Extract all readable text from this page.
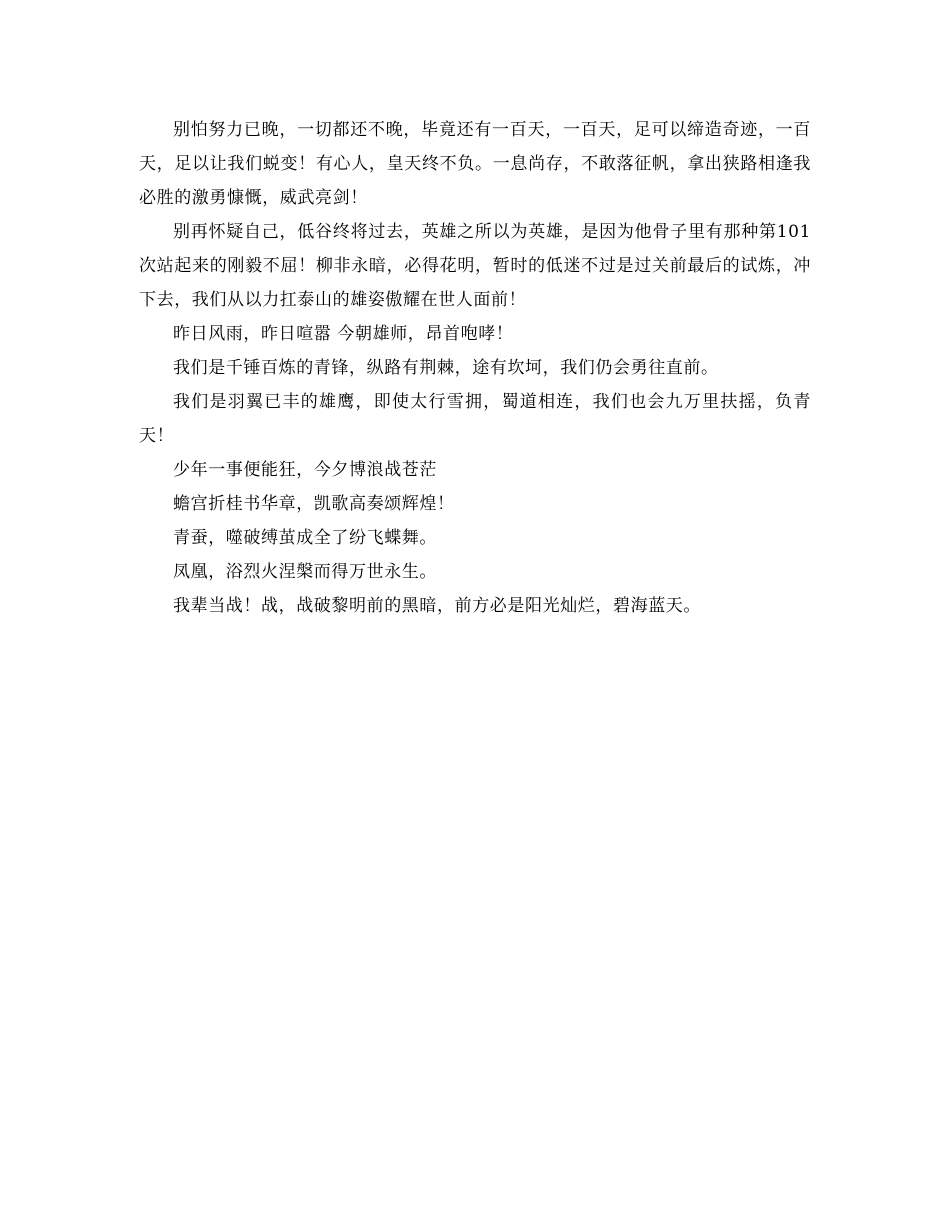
别怕努力已晚，一切都还不晚，毕竟还有一百天，一百天，足可以缔造奇迹，一百天，足以让我们蜕变！有心人，皇天终不负。一息尚存，不敢落征帆，拿出狭路相逢我必胜的激勇慷慨，威武亮剑！

别再怀疑自己，低谷终将过去，英雄之所以为英雄，是因为他骨子里有那种第101次站起来的刚毅不屈！柳非永暗，必得花明，暂时的低迷不过是过关前最后的试炼，冲下去，我们从以力扛泰山的雄姿傲耀在世人面前！

昨日风雨，昨日喧嚣 今朝雄师，昂首咆哮！

我们是千锤百炼的青锋，纵路有荆棘，途有坎坷，我们仍会勇往直前。

我们是羽翼已丰的雄鹰，即使太行雪拥，蜀道相连，我们也会九万里扶摇，负青天！

少年一事便能狂，今夕博浪战苍茫

蟾宫折桂书华章，凯歌高奏颂辉煌！

青蚕，噬破缚茧成全了纷飞蝶舞。

凤凰，浴烈火涅槃而得万世永生。

我辈当战！战，战破黎明前的黑暗，前方必是阳光灿烂，碧海蓝天。
